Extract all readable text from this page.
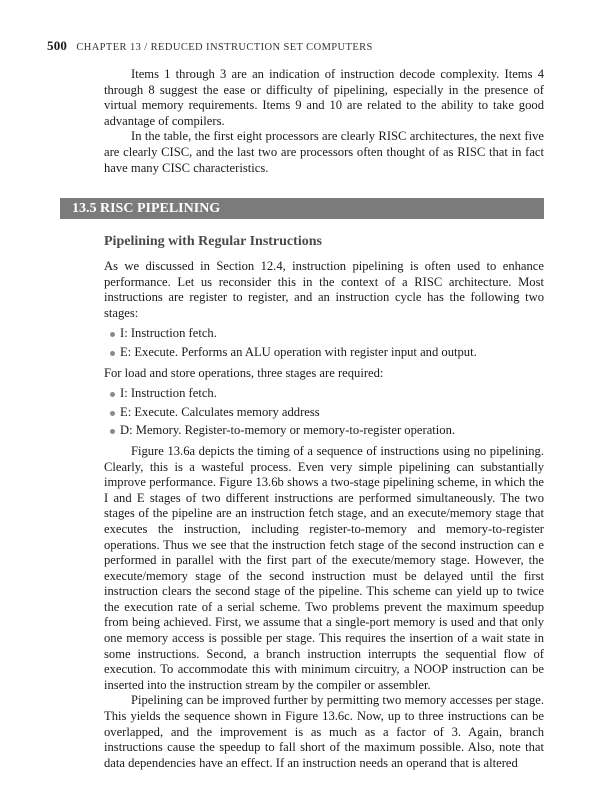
500 CHAPTER 13 / REDUCED INSTRUCTION SET COMPUTERS

Items 1 through 3 are an indication of instruction decode complexity. Items 4 through 8 suggest the ease or difficulty of pipelining, especially in the presence of virtual memory requirements. Items 9 and 10 are related to the ability to take good advantage of compilers.

In the table, the first eight processors are clearly RISC architectures, the next five are clearly CISC, and the last two are processors often thought of as RISC that in fact have many CISC characteristics.

13.5 RISC PIPELINING
Pipelining with Regular Instructions

As we discussed in Section 12.4, instruction pipelining is often used to enhance performance. Let us reconsider this in the context of a RISC architecture. Most instructions are register to register, and an instruction cycle has the following two stages:

I: Instruction fetch.
E: Execute. Performs an ALU operation with register input and output.

For load and store operations, three stages are required:

I: Instruction fetch.
E: Execute. Calculates memory address
D: Memory. Register-to-memory or memory-to-register operation.

Figure 13.6a depicts the timing of a sequence of instructions using no pipelining. Clearly, this is a wasteful process. Even very simple pipelining can substantially improve performance. Figure 13.6b shows a two-stage pipelining scheme, in which the I and E stages of two different instructions are performed simultaneously. The two stages of the pipeline are an instruction fetch stage, and an execute/memory stage that executes the instruction, including register-to-memory and memory-to-register operations. Thus we see that the instruction fetch stage of the second instruction can e performed in parallel with the first part of the execute/memory stage. However, the execute/memory stage of the second instruction must be delayed until the first instruction clears the second stage of the pipeline. This scheme can yield up to twice the execution rate of a serial scheme. Two problems prevent the maximum speedup from being achieved. First, we assume that a single-port memory is used and that only one memory access is possible per stage. This requires the insertion of a wait state in some instructions. Second, a branch instruction interrupts the sequential flow of execution. To accommodate this with minimum circuitry, a NOOP instruction can be inserted into the instruction stream by the compiler or assembler.

Pipelining can be improved further by permitting two memory accesses per stage. This yields the sequence shown in Figure 13.6c. Now, up to three instructions can be overlapped, and the improvement is as much as a factor of 3. Again, branch instructions cause the speedup to fall short of the maximum possible. Also, note that data dependencies have an effect. If an instruction needs an operand that is altered
